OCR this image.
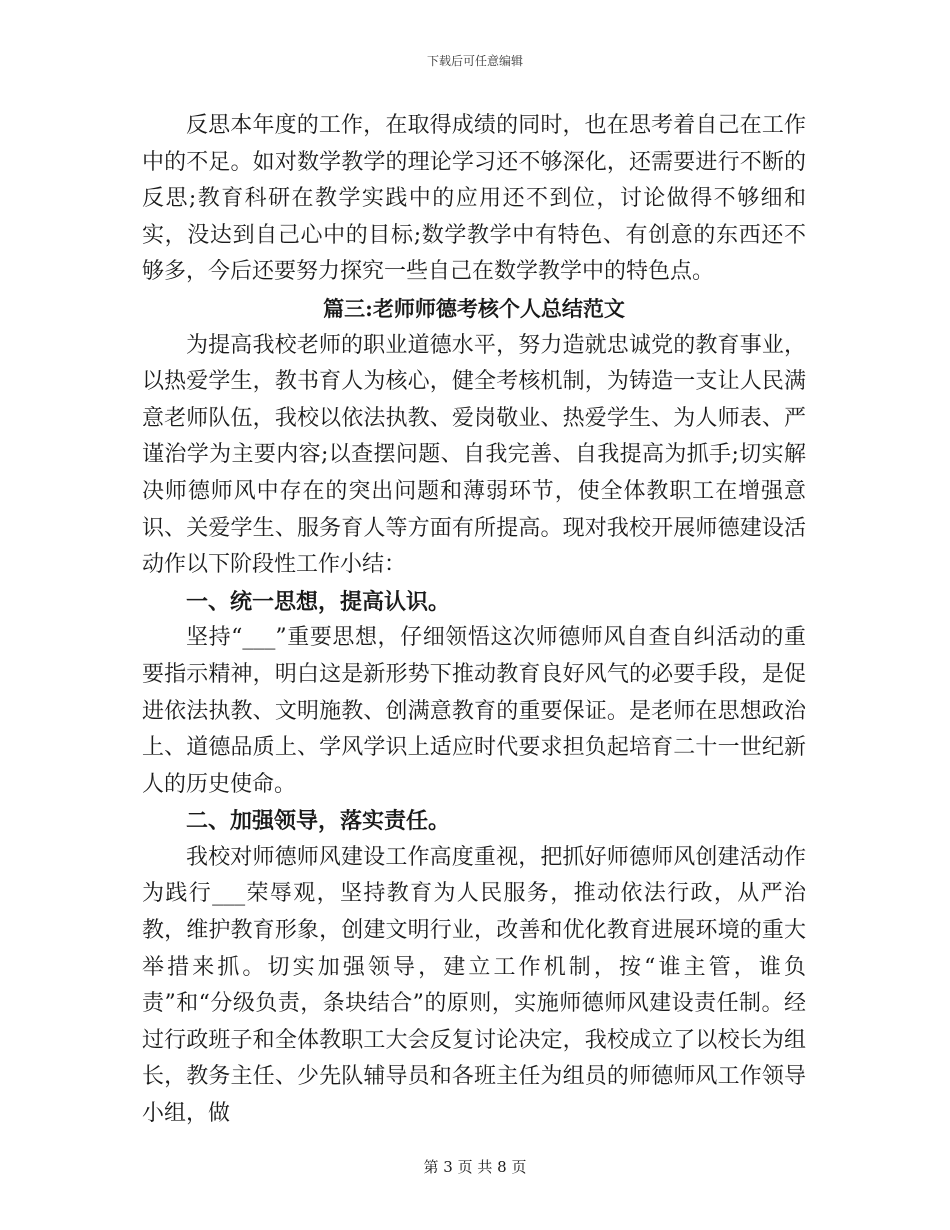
下载后可任意编辑

反思本年度的工作，在取得成绩的同时，也在思考着自己在工作中的不足。如对数学教学的理论学习还不够深化，还需要进行不断的反思;教育科研在教学实践中的应用还不到位，讨论做得不够细和实，没达到自己心中的目标;数学教学中有特色、有创意的东西还不够多，今后还要努力探究一些自己在数学教学中的特色点。

篇三:老师师德考核个人总结范文

为提高我校老师的职业道德水平，努力造就忠诚党的教育事业，以热爱学生，教书育人为核心，健全考核机制，为铸造一支让人民满意老师队伍，我校以依法执教、爱岗敬业、热爱学生、为人师表、严谨治学为主要内容;以查摆问题、自我完善、自我提高为抓手;切实解决师德师风中存在的突出问题和薄弱环节，使全体教职工在增强意识、关爱学生、服务育人等方面有所提高。现对我校开展师德建设活动作以下阶段性工作小结：

一、统一思想，提高认识。

坚持“___”重要思想，仔细领悟这次师德师风自查自纠活动的重要指示精神，明白这是新形势下推动教育良好风气的必要手段，是促进依法执教、文明施教、创满意教育的重要保证。是老师在思想政治上、道德品质上、学风学识上适应时代要求担负起培育二十一世纪新人的历史使命。

二、加强领导，落实责任。

我校对师德师风建设工作高度重视，把抓好师德师风创建活动作为践行___荣辱观，坚持教育为人民服务，推动依法行政，从严治教，维护教育形象，创建文明行业，改善和优化教育进展环境的重大举措来抓。切实加强领导，建立工作机制，按“谁主管，谁负责”和“分级负责，条块结合”的原则，实施师德师风建设责任制。经过行政班子和全体教职工大会反复讨论决定，我校成立了以校长为组长，教务主任、少先队辅导员和各班主任为组员的师德师风工作领导小组，做

第 3 页 共 8 页
